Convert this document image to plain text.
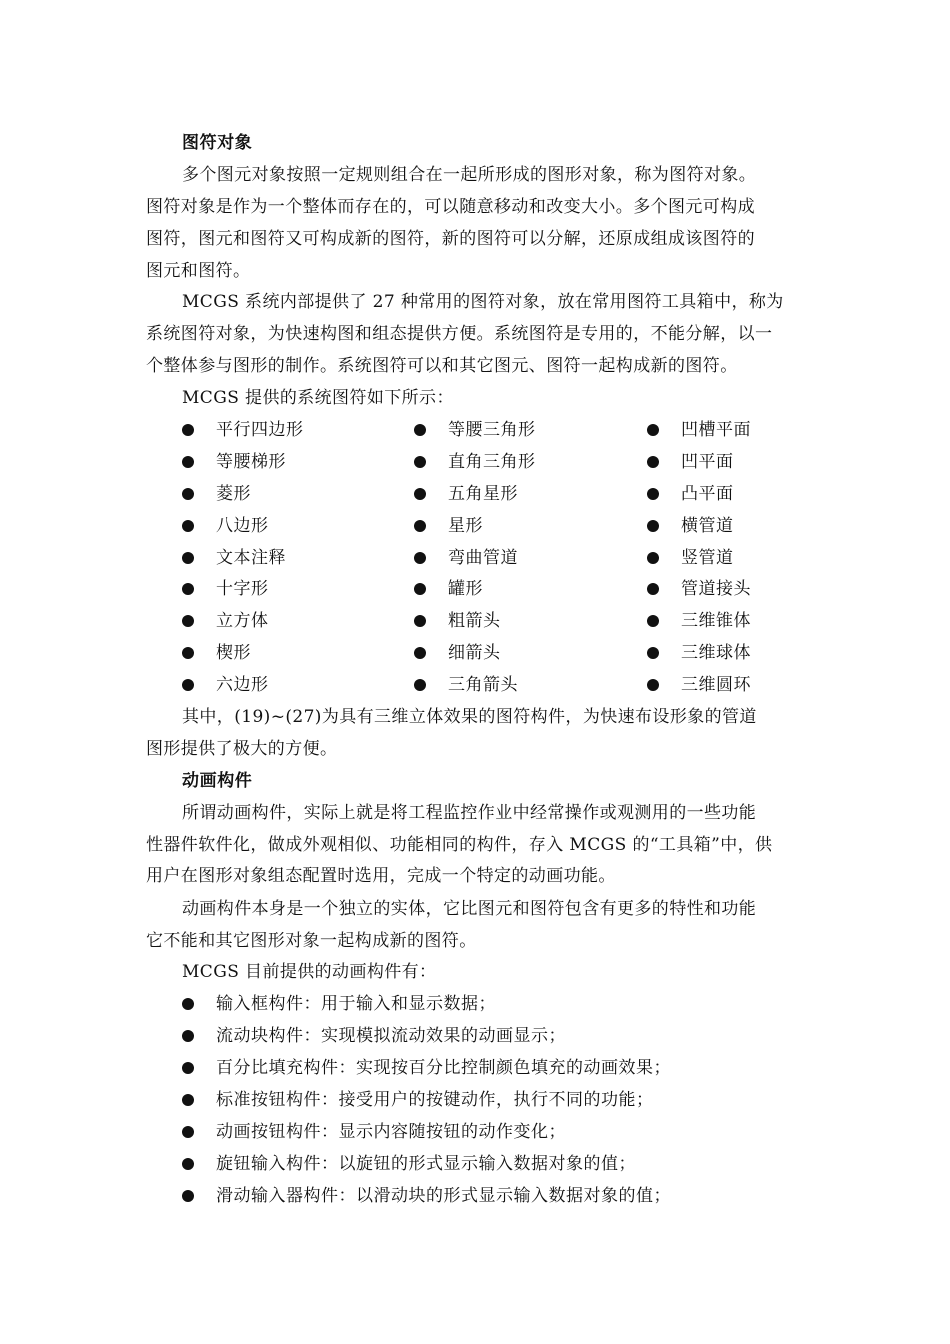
图符对象
多个图元对象按照一定规则组合在一起所形成的图形对象，称为图符对象。
图符对象是作为一个整体而存在的，可以随意移动和改变大小。多个图元可构成
图符，图元和图符又可构成新的图符，新的图符可以分解，还原成组成该图符的
图元和图符。
MCGS 系统内部提供了 27 种常用的图符对象，放在常用图符工具箱中，称为
系统图符对象，为快速构图和组态提供方便。系统图符是专用的，不能分解，以一
个整体参与图形的制作。系统图符可以和其它图元、图符一起构成新的图符。
MCGS 提供的系统图符如下所示：
平行四边形	等腰三角形	凹槽平面
等腰梯形	直角三角形	凹平面
菱形	五角星形	凸平面
八边形	星形	横管道
文本注释	弯曲管道	竖管道
十字形	罐形	管道接头
立方体	粗箭头	三维锥体
楔形	细箭头	三维球体
六边形	三角箭头	三维圆环
其中，(19)~(27)为具有三维立体效果的图符构件，为快速布设形象的管道
图形提供了极大的方便。
动画构件
所谓动画构件，实际上就是将工程监控作业中经常操作或观测用的一些功能
性器件软件化，做成外观相似、功能相同的构件，存入 MCGS 的“工具箱”中，供
用户在图形对象组态配置时选用，完成一个特定的动画功能。
动画构件本身是一个独立的实体，它比图元和图符包含有更多的特性和功能
它不能和其它图形对象一起构成新的图符。
MCGS 目前提供的动画构件有：
输入框构件：用于输入和显示数据；
流动块构件：实现模拟流动效果的动画显示；
百分比填充构件：实现按百分比控制颜色填充的动画效果；
标准按钮构件：接受用户的按键动作，执行不同的功能；
动画按钮构件：显示内容随按钮的动作变化；
旋钮输入构件：以旋钮的形式显示输入数据对象的值；
滑动输入器构件：以滑动块的形式显示输入数据对象的值；
